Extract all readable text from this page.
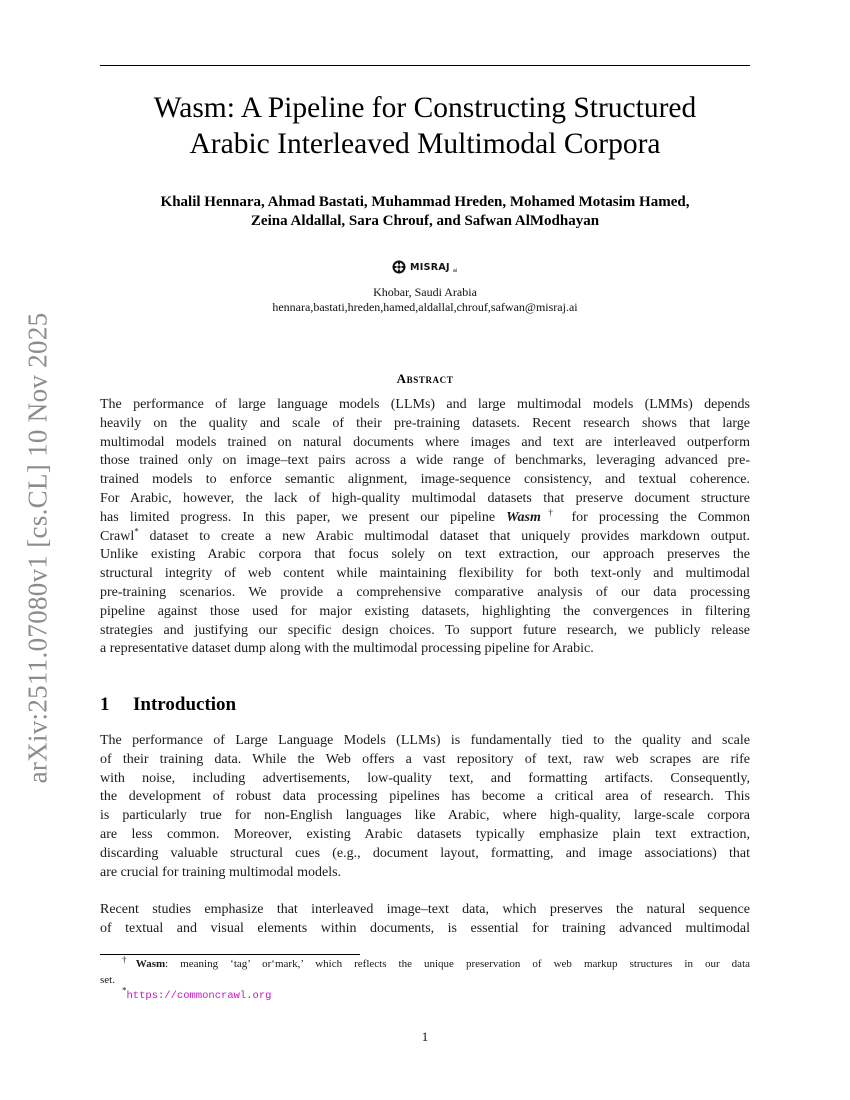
arXiv:2511.07080v1 [cs.CL] 10 Nov 2025
Wasm: A Pipeline for Constructing Structured
Arabic Interleaved Multimodal Corpora
Khalil Hennara, Ahmad Bastati, Muhammad Hreden, Mohamed Motasim Hamed,
Zeina Aldallal, Sara Chrouf, and Safwan AlModhayan
MISRAJ ai
Khobar, Saudi Arabia
hennara,bastati,hreden,hamed,aldallal,chrouf,safwan@misraj.ai
Abstract
The performance of large language models (LLMs) and large multimodal models (LMMs) depends
heavily on the quality and scale of their pre-training datasets. Recent research shows that large
multimodal models trained on natural documents where images and text are interleaved outperform
those trained only on image–text pairs across a wide range of benchmarks, leveraging advanced pre-
trained models to enforce semantic alignment, image-sequence consistency, and textual coherence.
For Arabic, however, the lack of high-quality multimodal datasets that preserve document structure
has limited progress. In this paper, we present our pipeline Wasm† for processing the Common
Crawl* dataset to create a new Arabic multimodal dataset that uniquely provides markdown output.
Unlike existing Arabic corpora that focus solely on text extraction, our approach preserves the
structural integrity of web content while maintaining flexibility for both text-only and multimodal
pre-training scenarios. We provide a comprehensive comparative analysis of our data processing
pipeline against those used for major existing datasets, highlighting the convergences in filtering
strategies and justifying our specific design choices. To support future research, we publicly release
a representative dataset dump along with the multimodal processing pipeline for Arabic.
1 Introduction
The performance of Large Language Models (LLMs) is fundamentally tied to the quality and scale
of their training data. While the Web offers a vast repository of text, raw web scrapes are rife
with noise, including advertisements, low-quality text, and formatting artifacts. Consequently,
the development of robust data processing pipelines has become a critical area of research. This
is particularly true for non-English languages like Arabic, where high-quality, large-scale corpora
are less common. Moreover, existing Arabic datasets typically emphasize plain text extraction,
discarding valuable structural cues (e.g., document layout, formatting, and image associations) that
are crucial for training multimodal models.
Recent studies emphasize that interleaved image–text data, which preserves the natural sequence
of textual and visual elements within documents, is essential for training advanced multimodal
†Wasm: meaning ‘tag’ or‘mark,’ which reflects the unique preservation of web markup structures in our data
set.
*https://commoncrawl.org
1
